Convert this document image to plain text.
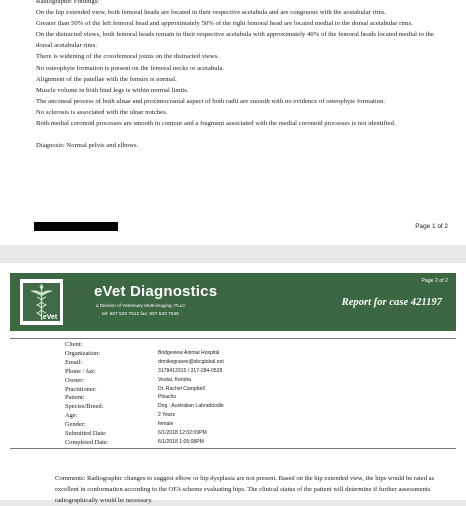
Radiographic Findings:

On the hip extended view, both femoral heads are located in their respective acetabula and are congruous with the acetabular rims.

Greater than 50% of the left femoral head and approximately 50% of the right femoral head are located medial to the dorsal acetabular rims.

On the distracted views, both femoral heads remain in their respective acetabula with approximately 40% of the femoral heads located medial to the dorsal acetabular rims.

There is widening of the coxofemoral joints on the distracted views.

No osteophyte formation is present on the femoral necks or acetabula.

Alignment of the patellae with the femurs is normal.

Muscle volume in both hind legs is within normal limits.

The anconeal process of both ulnae and proximocranial aspect of both radii are smooth with no evidence of osteophyte formation.

No sclerosis is associated with the ulnar notches.

Both medial coronoid processes are smooth in contour and a fragment associated with the medial coronoid processes is not identified.

Diagnosis: Normal pelvis and elbows.

Page 1 of 2
eVet
eVet Diagnostics
a Division of Veterinary Multi-imaging, PLLC
tel: 607 533 7512 fax: 607 533 7649
Page 2 of 2
Report for case 421197
Client:
Organization:	Bridgeview Animal Hospital
Email:	drmikegraves@sbcglobal.net
Phone / fax:	3178413315 / 317-284-0528
Owner:	Vestal, Kendra
Practitioner:	Dr. Rachel Campbell
Patient:	Pikachu
Species/Breed:	Dog : Australian Labradoodle
Age:	2 Years
Gender:	female
Submitted Date:	6/1/2018 12:02:09PM
Completed Date:	6/1/2018 1:05:08PM

Comments: Radiographic changes to suggest elbow or hip dysplasia are not present. Based on the hip extended view, the hips would be rated as excellent in conformation according to the OFA scheme evaluating hips. The clinical status of the patient will determine if further assessments radiographically would be necessary.
